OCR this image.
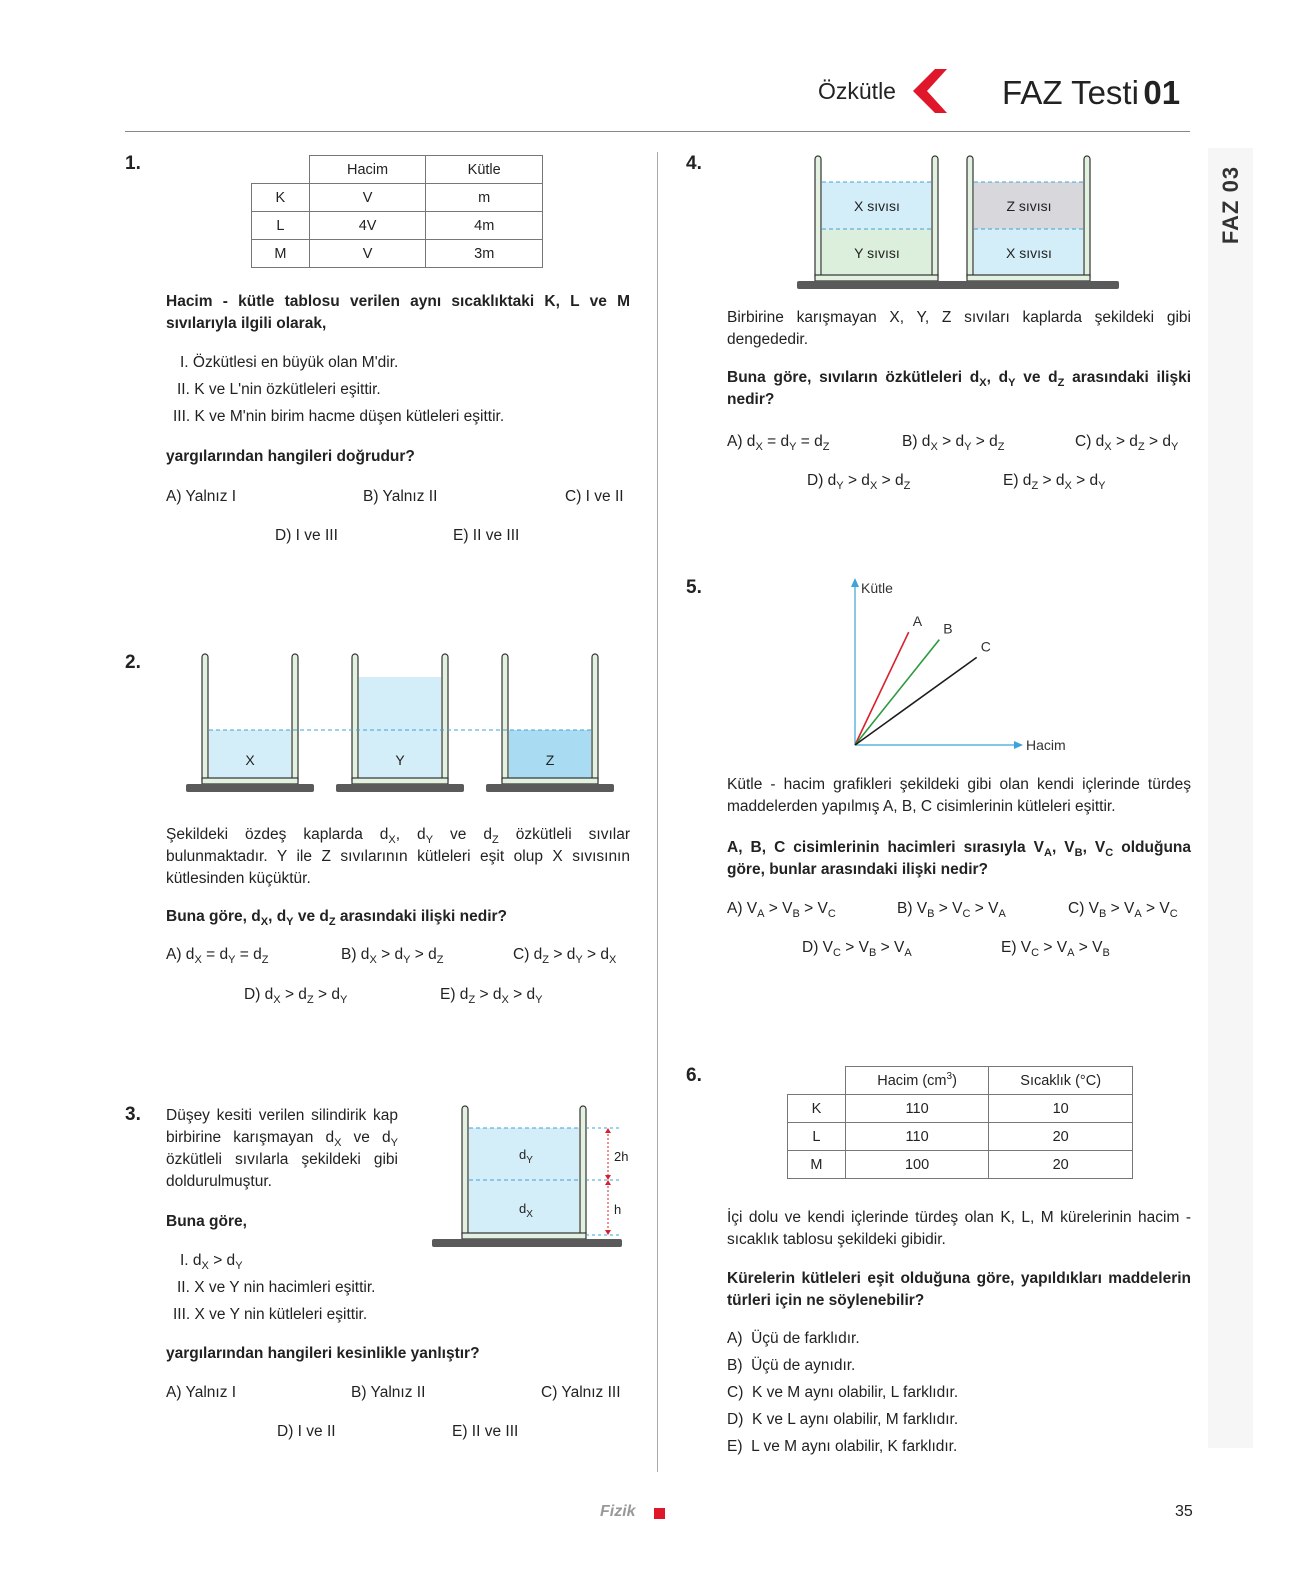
Özkütle	FAZ Testi 01
FAZ 03
1.
		Hacim	Kütle
K	V	m
L	4V	4m
M	V	3m
Hacim - kütle tablosu verilen aynı sıcaklıktaki K, L ve M sıvılarıyla ilgili olarak,
I. Özkütlesi en büyük olan M'dir.
II. K ve L'nin özkütleleri eşittir.
III. K ve M'nin birim hacme düşen kütleleri eşittir.
yargılarından hangileri doğrudur?
A) Yalnız I	B) Yalnız II	C) I ve II
D) I ve III	E) II ve III
2.
X	Y	Z
Şekildeki özdeş kaplarda $d_X$, $d_Y$ ve $d_Z$ özkütleli sıvılar bulunmaktadır. Y ile Z sıvılarının kütleleri eşit olup X sıvısının kütlesinden küçüktür.
Buna göre, $d_X$, $d_Y$ ve $d_Z$ arasındaki ilişki nedir?
A) $d_X = d_Y = d_Z$	B) $d_X > d_Y > d_Z$	C) $d_Z > d_Y > d_X$
D) $d_X > d_Z > d_Y$	E) $d_Z > d_X > d_Y$
3. Düşey kesiti verilen silindirik kap birbirine karışmayan $d_X$ ve $d_Y$ özkütleli sıvılarla şekildeki gibi doldurulmuştur.
$d_Y$
$d_X$
2h
h
Buna göre,
I. $d_X > d_Y$
II. X ve Y nin hacimleri eşittir.
III. X ve Y nin kütleleri eşittir.
yargılarından hangileri kesinlikle yanlıştır?
A) Yalnız I	B) Yalnız II	C) Yalnız III
D) I ve II	E) II ve III
4.
X sıvısı
Y sıvısı
Z sıvısı
X sıvısı
Birbirine karışmayan X, Y, Z sıvıları kaplarda şekildeki gibi dengededir.
Buna göre, sıvıların özkütleleri $d_X$, $d_Y$ ve $d_Z$ arasındaki ilişki nedir?
A) $d_X = d_Y = d_Z$	B) $d_X > d_Y > d_Z$	C) $d_X > d_Z > d_Y$
D) $d_Y > d_X > d_Z$	E) $d_Z > d_X > d_Y$
5.	Kütle
Hacim
A B
C
Kütle - hacim grafikleri şekildeki gibi olan kendi içlerinde türdeş maddelerden yapılmış A, B, C cisimlerinin kütleleri eşittir.
A, B, C cisimlerinin hacimleri sırasıyla $V_A$, $V_B$, $V_C$ olduğuna göre, bunlar arasındaki ilişki nedir?
A) $V_A > V_B > V_C$	B) $V_B > V_C > V_A$	C) $V_B > V_A > V_C$
D) $V_C > V_B > V_A$	E) $V_C > V_A > V_B$
6.
		Hacim $(cm^3)$	Sıcaklık (°C)
K	110	10
L	110	20
M	100	20
İçi dolu ve kendi içlerinde türdeş olan K, L, M kürelerinin hacim - sıcaklık tablosu şekildeki gibidir.
Kürelerin kütleleri eşit olduğuna göre, yapıldıkları maddelerin türleri için ne söylenebilir?
A)  Üçü de farklıdır.
B)  Üçü de aynıdır.
C)  K ve M aynı olabilir, L farklıdır.
D)  K ve L aynı olabilir, M farklıdır.
E)  L ve M aynı olabilir, K farklıdır.
Fizik	35
